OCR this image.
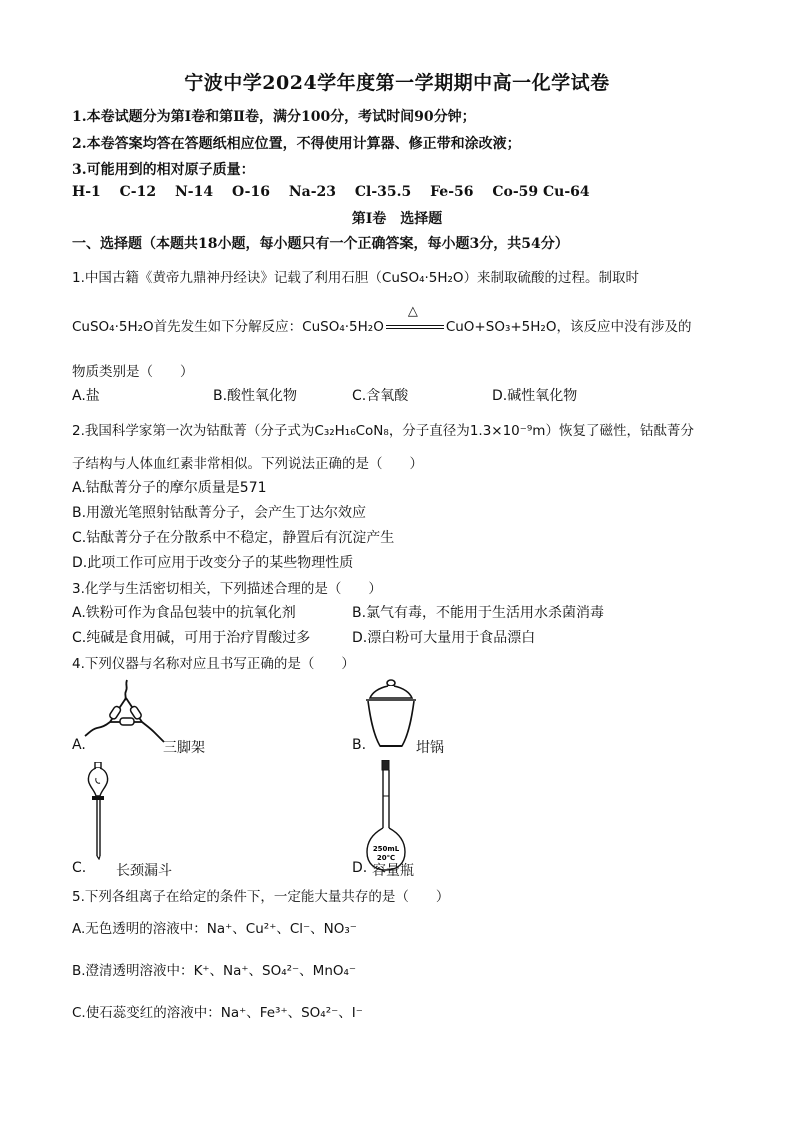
宁波中学2024学年度第一学期期中高一化学试卷
1.本卷试题分为第Ⅰ卷和第Ⅱ卷，满分100分，考试时间90分钟；
2.本卷答案均答在答题纸相应位置，不得使用计算器、修正带和涂改液；
3.可能用到的相对原子质量：
H-1 C-12 N-14 O-16 Na-23 Cl-35.5 Fe-56 Co-59 Cu-64
第Ⅰ卷　选择题
一、选择题（本题共18小题，每小题只有一个正确答案，每小题3分，共54分）
1.中国古籍《黄帝九鼎神丹经诀》记载了利用石胆（CuSO₄·5H₂O）来制取硫酸的过程。制取时
CuSO₄·5H₂O首先发生如下分解反应：CuSO₄·5H₂O
△
CuO+SO₃+5H₂O，该反应中没有涉及的
物质类别是（　　）
A.盐	B.酸性氧化物	C.含氧酸	D.碱性氧化物
2.我国科学家第一次为钴酞菁（分子式为C₃₂H₁₆CoN₈，分子直径为1.3×10⁻⁹m）恢复了磁性，钴酞菁分
子结构与人体血红素非常相似。下列说法正确的是（　　）
A.钴酞菁分子的摩尔质量是571
B.用激光笔照射钴酞菁分子，会产生丁达尔效应
C.钴酞菁分子在分散系中不稳定，静置后有沉淀产生
D.此项工作可应用于改变分子的某些物理性质
3.化学与生活密切相关，下列描述合理的是（　　）
A.铁粉可作为食品包装中的抗氧化剂	B.氯气有毒，不能用于生活用水杀菌消毒
C.纯碱是食用碱，可用于治疗胃酸过多	D.漂白粉可大量用于食品漂白
4.下列仪器与名称对应且书写正确的是（　　）
A.	三脚架	B.	坩锅
C. 长颈漏斗
250mL
20℃
D. 容量瓶
5.下列各组离子在给定的条件下，一定能大量共存的是（　　）
A.无色透明的溶液中：Na⁺、Cu²⁺、Cl⁻、NO₃⁻
B.澄清透明溶液中：K⁺、Na⁺、SO₄²⁻、MnO₄⁻
C.使石蕊变红的溶液中：Na⁺、Fe³⁺、SO₄²⁻、I⁻
